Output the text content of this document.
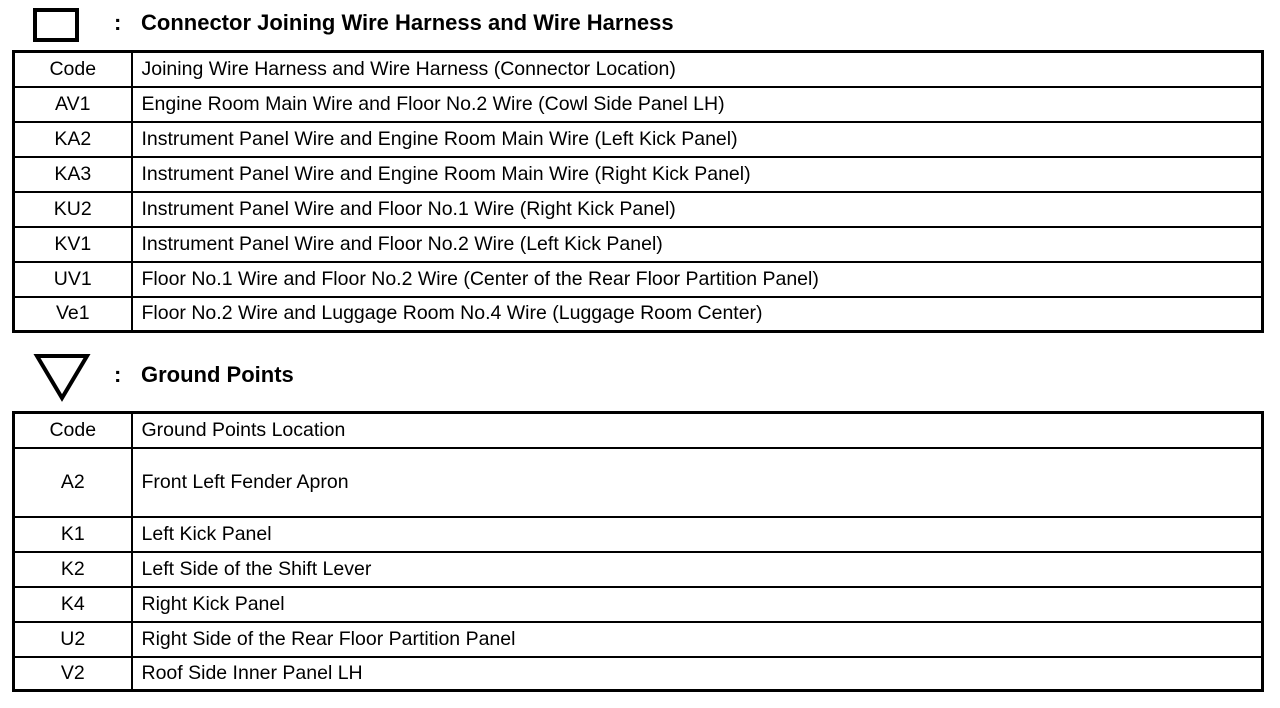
: Connector Joining Wire Harness and Wire Harness
Code	Joining Wire Harness and Wire Harness (Connector Location)
AV1	Engine Room Main Wire and Floor No.2 Wire (Cowl Side Panel LH)
KA2	Instrument Panel Wire and Engine Room Main Wire (Left Kick Panel)
KA3	Instrument Panel Wire and Engine Room Main Wire (Right Kick Panel)
KU2	Instrument Panel Wire and Floor No.1 Wire (Right Kick Panel)
KV1	Instrument Panel Wire and Floor No.2 Wire (Left Kick Panel)
UV1	Floor No.1 Wire and Floor No.2 Wire (Center of the Rear Floor Partition Panel)
Ve1	Floor No.2 Wire and Luggage Room No.4 Wire (Luggage Room Center)
: Ground Points
Code	Ground Points Location
A2	Front Left Fender Apron
K1	Left Kick Panel
K2	Left Side of the Shift Lever
K4	Right Kick Panel
U2	Right Side of the Rear Floor Partition Panel
V2	Roof Side Inner Panel LH
